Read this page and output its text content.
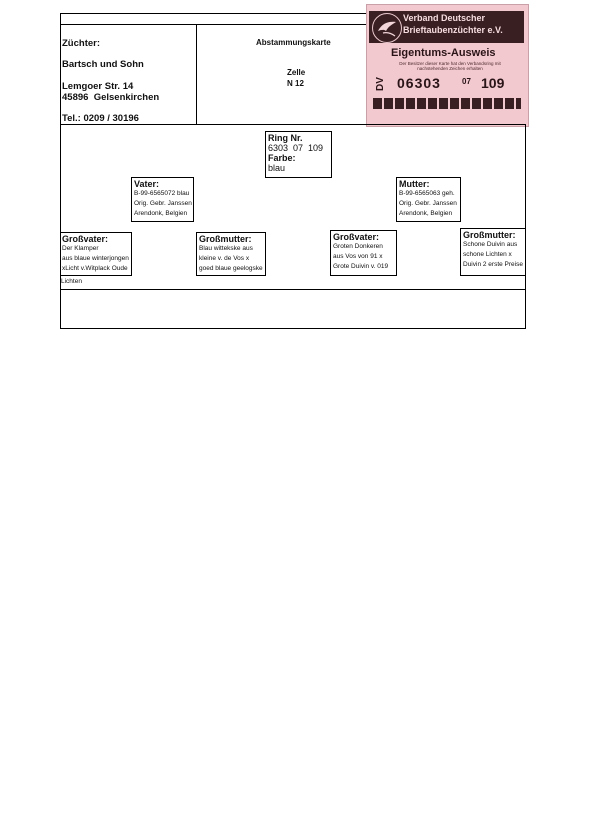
Züchter:
Bartsch und Sohn
Lemgoer Str. 14
45896  Gelsenkirchen
Tel.: 0209 / 30196
Abstammungskarte
Zelle
N 12
Verband Deutscher
Brieftaubenzüchter e.V.
Eigentums-Ausweis
Der Besitzer dieser Karte hat den Verbandsring mit nachstehenden Zeichen erhalten
DV 06303	07 109
Ring Nr.
6303  07  109
Farbe:
blau
Vater:
B-99-6565072 blau
Orig. Gebr. Janssen
Arendonk, Belgien
Mutter:
B-99-6565063 geh.
Orig. Gebr. Janssen
Arendonk, Belgien
Großvater:
Der Klamper
aus blaue winterjongen
xLicht v.Witplack Oude
Lichten
Großmutter:
Blau wittekske aus
kleine v. de Vos x
goed blaue geelogske
Großvater:
Groten Donkeren
aus Vos von 91 x
Grote Duivin v. 019
Großmutter:
Schone Duivin aus
schone Lichten x
Duivin 2 erste Preise
